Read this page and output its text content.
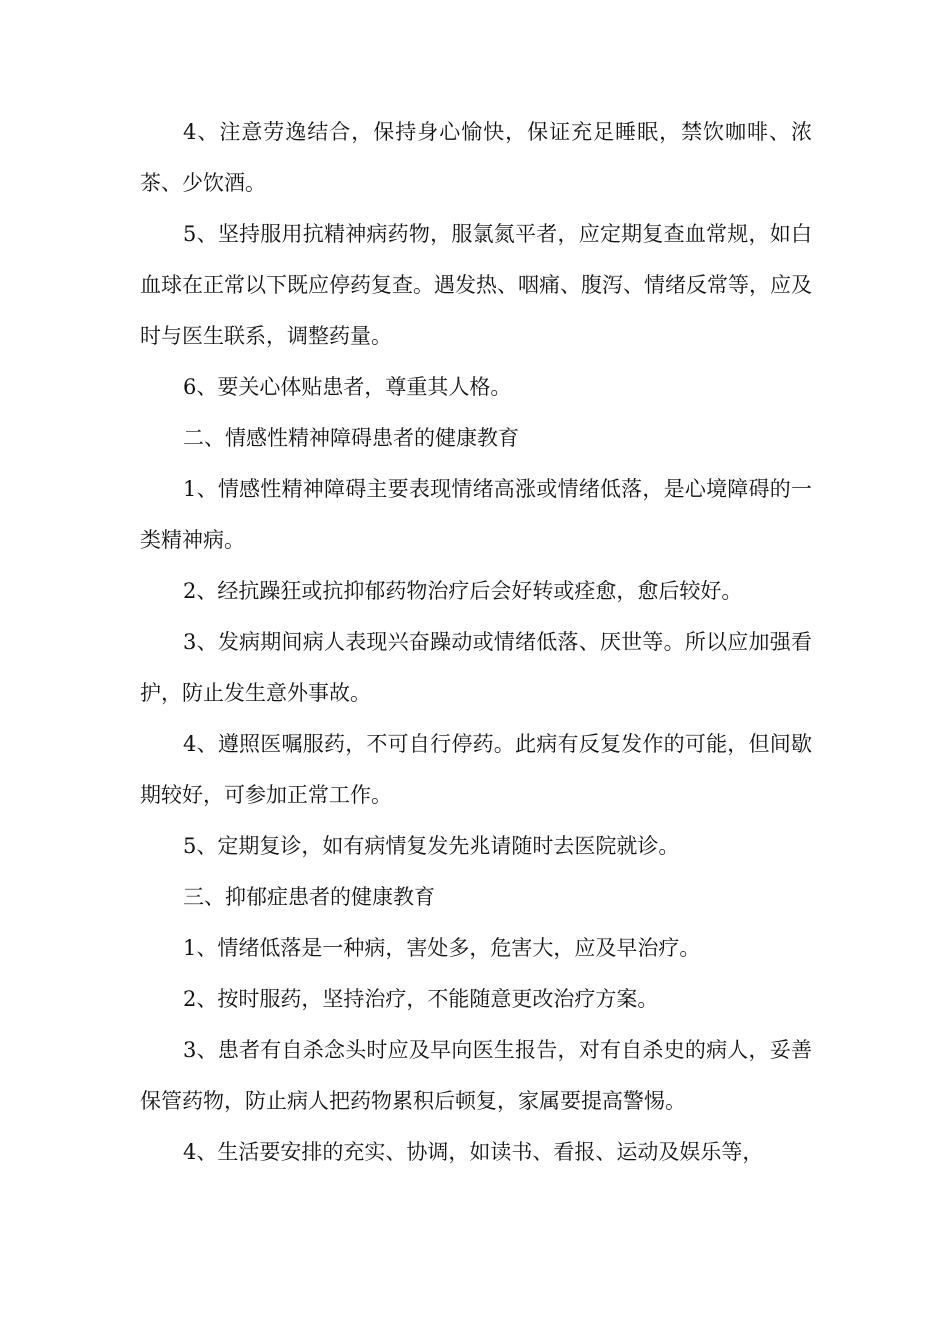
4、注意劳逸结合，保持身心愉快，保证充足睡眠，禁饮咖啡、浓茶、少饮酒。

5、坚持服用抗精神病药物，服氯氮平者，应定期复查血常规，如白血球在正常以下既应停药复查。遇发热、咽痛、腹泻、情绪反常等，应及时与医生联系，调整药量。

6、要关心体贴患者，尊重其人格。

二、情感性精神障碍患者的健康教育

1、情感性精神障碍主要表现情绪高涨或情绪低落，是心境障碍的一类精神病。

2、经抗躁狂或抗抑郁药物治疗后会好转或痊愈，愈后较好。

3、发病期间病人表现兴奋躁动或情绪低落、厌世等。所以应加强看护，防止发生意外事故。

4、遵照医嘱服药，不可自行停药。此病有反复发作的可能，但间歇期较好，可参加正常工作。

5、定期复诊，如有病情复发先兆请随时去医院就诊。

三、抑郁症患者的健康教育

1、情绪低落是一种病，害处多，危害大，应及早治疗。

2、按时服药，坚持治疗，不能随意更改治疗方案。

3、患者有自杀念头时应及早向医生报告，对有自杀史的病人，妥善保管药物，防止病人把药物累积后顿复，家属要提高警惕。

4、生活要安排的充实、协调，如读书、看报、运动及娱乐等，
